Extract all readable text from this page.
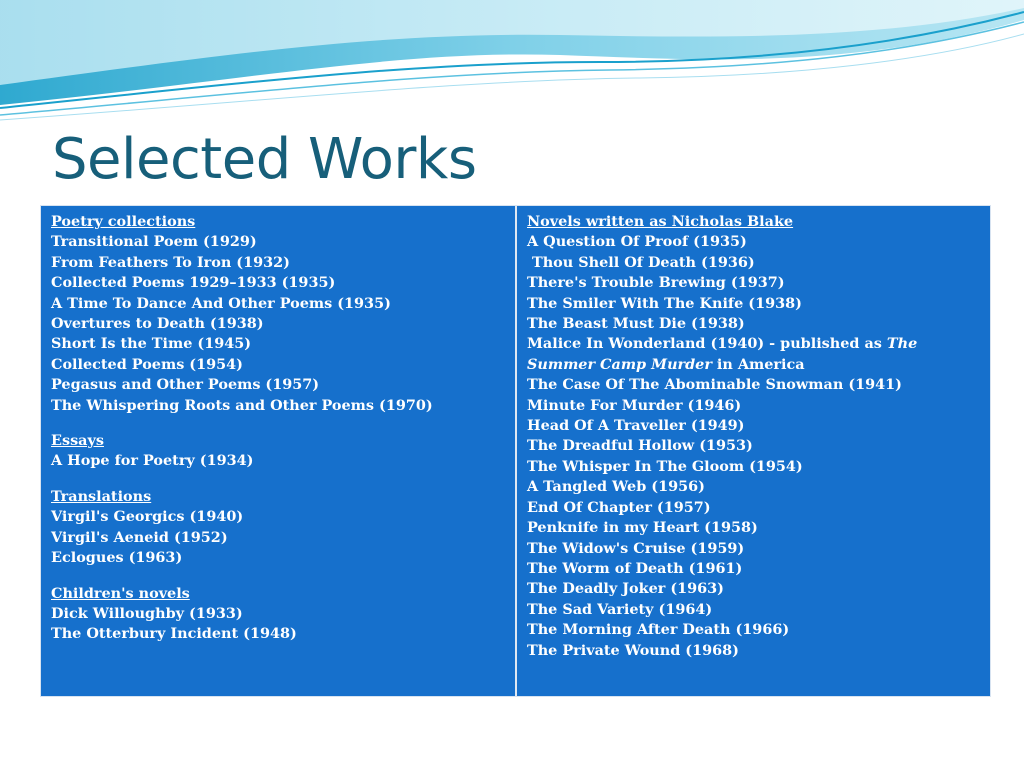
Selected Works
Poetry collections
Transitional Poem (1929)
From Feathers To Iron (1932)
Collected Poems 1929–1933 (1935)
A Time To Dance And Other Poems (1935)
Overtures to Death (1938)
Short Is the Time (1945)
Collected Poems (1954)
Pegasus and Other Poems (1957)
The Whispering Roots and Other Poems (1970)
Essays
A Hope for Poetry (1934)
Translations
Virgil's Georgics (1940)
Virgil's Aeneid (1952)
Eclogues (1963)
Children's novels
Dick Willoughby (1933)
The Otterbury Incident (1948)
Novels written as Nicholas Blake
A Question Of Proof (1935)
Thou Shell Of Death (1936)
There's Trouble Brewing (1937)
The Smiler With The Knife (1938)
The Beast Must Die (1938)
Malice In Wonderland (1940) - published as The Summer Camp Murder in America
The Case Of The Abominable Snowman (1941)
Minute For Murder (1946)
Head Of A Traveller (1949)
The Dreadful Hollow (1953)
The Whisper In The Gloom (1954)
A Tangled Web (1956)
End Of Chapter (1957)
Penknife in my Heart (1958)
The Widow's Cruise (1959)
The Worm of Death (1961)
The Deadly Joker (1963)
The Sad Variety (1964)
The Morning After Death (1966)
The Private Wound (1968)
